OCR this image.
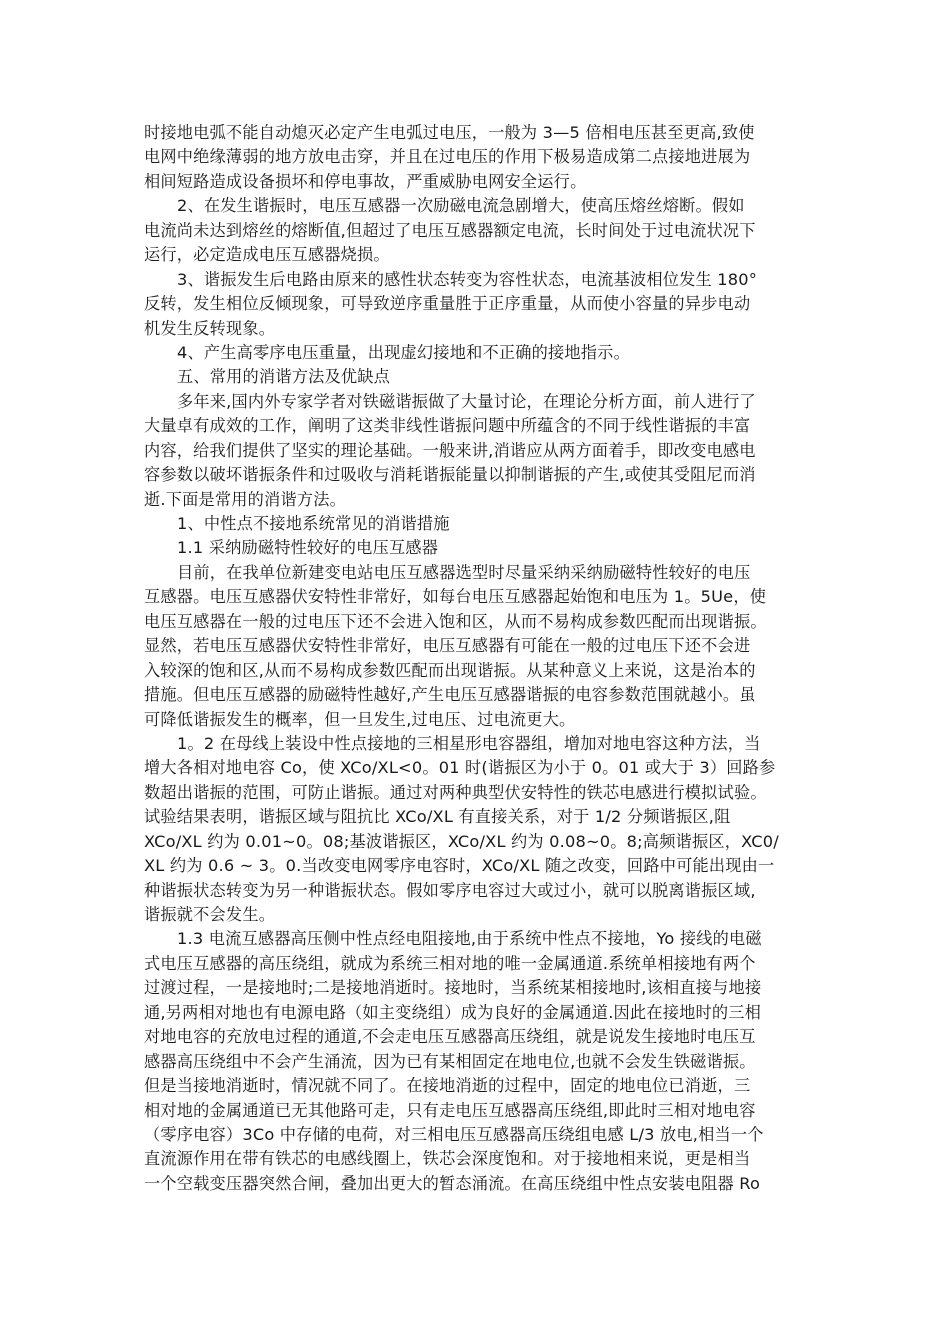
时接地电弧不能自动熄灭必定产生电弧过电压，一般为 3—5 倍相电压甚至更高,致使
电网中绝缘薄弱的地方放电击穿，并且在过电压的作用下极易造成第二点接地进展为
相间短路造成设备损坏和停电事故，严重威胁电网安全运行。
2、在发生谐振时，电压互感器一次励磁电流急剧增大，使高压熔丝熔断。假如
电流尚未达到熔丝的熔断值,但超过了电压互感器额定电流，长时间处于过电流状况下
运行，必定造成电压互感器烧损。
3、谐振发生后电路由原来的感性状态转变为容性状态，电流基波相位发生 180°
反转，发生相位反倾现象，可导致逆序重量胜于正序重量，从而使小容量的异步电动
机发生反转现象。
4、产生高零序电压重量，出现虚幻接地和不正确的接地指示。
五、常用的消谐方法及优缺点
多年来,国内外专家学者对铁磁谐振做了大量讨论，在理论分析方面，前人进行了
大量卓有成效的工作，阐明了这类非线性谐振问题中所蕴含的不同于线性谐振的丰富
内容，给我们提供了坚实的理论基础。一般来讲,消谐应从两方面着手，即改变电感电
容参数以破坏谐振条件和过吸收与消耗谐振能量以抑制谐振的产生,或使其受阻尼而消
逝.下面是常用的消谐方法。
1、中性点不接地系统常见的消谐措施
1.1 采纳励磁特性较好的电压互感器
目前，在我单位新建变电站电压互感器选型时尽量采纳采纳励磁特性较好的电压
互感器。电压互感器伏安特性非常好，如每台电压互感器起始饱和电压为 1。5Ue，使
电压互感器在一般的过电压下还不会进入饱和区，从而不易构成参数匹配而出现谐振。
显然，若电压互感器伏安特性非常好，电压互感器有可能在一般的过电压下还不会进
入较深的饱和区,从而不易构成参数匹配而出现谐振。从某种意义上来说，这是治本的
措施。但电压互感器的励磁特性越好,产生电压互感器谐振的电容参数范围就越小。虽
可降低谐振发生的概率，但一旦发生,过电压、过电流更大。
1。2 在母线上装设中性点接地的三相星形电容器组，增加对地电容这种方法，当
增大各相对地电容 Co，使 XCo/XL<0。01 时(谐振区为小于 0。01 或大于 3）回路参
数超出谐振的范围，可防止谐振。通过对两种典型伏安特性的铁芯电感进行模拟试验。
试验结果表明，谐振区域与阻抗比 XCo/XL 有直接关系，对于 1/2 分频谐振区,阻
XCo/XL 约为 0.01~0。08;基波谐振区，XCo/XL 约为 0.08~0。8;高频谐振区，XC0/
XL 约为 0.6 ~ 3。0.当改变电网零序电容时，XCo/XL 随之改变，回路中可能出现由一
种谐振状态转变为另一种谐振状态。假如零序电容过大或过小，就可以脱离谐振区域,
谐振就不会发生。
1.3 电流互感器高压侧中性点经电阻接地,由于系统中性点不接地，Yo 接线的电磁
式电压互感器的高压绕组，就成为系统三相对地的唯一金属通道.系统单相接地有两个
过渡过程，一是接地时;二是接地消逝时。接地时，当系统某相接地时,该相直接与地接
通,另两相对地也有电源电路（如主变绕组）成为良好的金属通道.因此在接地时的三相
对地电容的充放电过程的通道,不会走电压互感器高压绕组，就是说发生接地时电压互
感器高压绕组中不会产生涌流，因为已有某相固定在地电位,也就不会发生铁磁谐振。
但是当接地消逝时，情况就不同了。在接地消逝的过程中，固定的地电位已消逝，三
相对地的金属通道已无其他路可走，只有走电压互感器高压绕组,即此时三相对地电容
（零序电容）3Co 中存储的电荷，对三相电压互感器高压绕组电感 L/3 放电,相当一个
直流源作用在带有铁芯的电感线圈上，铁芯会深度饱和。对于接地相来说，更是相当
一个空载变压器突然合闸，叠加出更大的暂态涌流。在高压绕组中性点安装电阻器 Ro
